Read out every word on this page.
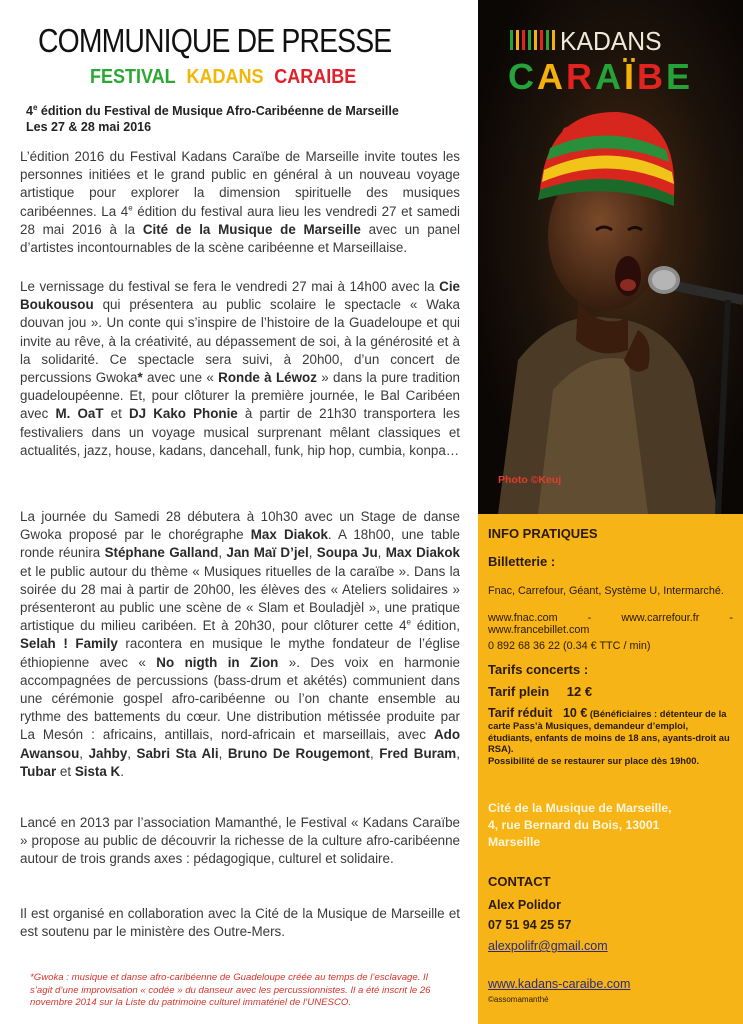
COMMUNIQUE DE PRESSE
FESTIVAL KADANS CARAIBE
4e édition du Festival de Musique Afro-Caribéenne de Marseille
Les 27 & 28 mai 2016
L’édition 2016 du Festival Kadans Caraïbe de Marseille invite toutes les personnes initiées et le grand public en général à un nouveau voyage artistique pour explorer la dimension spirituelle des musiques caribéennes. La 4e édition du festival aura lieu les vendredi 27 et samedi 28 mai 2016 à la Cité de la Musique de Marseille avec un panel d’artistes incontournables de la scène caribéenne et Marseillaise.
Le vernissage du festival se fera le vendredi 27 mai à 14h00 avec la Cie Boukousou qui présentera au public scolaire le spectacle « Waka douvan jou ». Un conte qui s’inspire de l’histoire de la Guadeloupe et qui invite au rêve, à la créativité, au dépassement de soi, à la générosité et à la solidarité. Ce spectacle sera suivi, à 20h00, d’un concert de percussions Gwoka* avec une « Ronde à Léwoz » dans la pure tradition guadeloupéenne. Et, pour clôturer la première journée, le Bal Caribéen avec M. OaT et DJ Kako Phonie à partir de 21h30 transportera les festivaliers dans un voyage musical surprenant mêlant classiques et actualités, jazz, house, kadans, dancehall, funk, hip hop, cumbia, konpa…
La journée du Samedi 28 débutera à 10h30 avec un Stage de danse Gwoka proposé par le chorégraphe Max Diakok. A 18h00, une table ronde réunira Stéphane Galland, Jan Maï D’jel, Soupa Ju, Max Diakok et le public autour du thème « Musiques rituelles de la caraïbe ». Dans la soirée du 28 mai à partir de 20h00, les élèves des « Ateliers solidaires » présenteront au public une scène de « Slam et Bouladjèl », une pratique artistique du milieu caribéen. Et à 20h30, pour clôturer cette 4e édition, Selah ! Family racontera en musique le mythe fondateur de l’église éthiopienne avec « No nigth in Zion ». Des voix en harmonie accompagnées de percussions (bass-drum et akétés) communient dans une cérémonie gospel afro-caribéenne ou l’on chante ensemble au rythme des battements du cœur. Une distribution métissée produite par La Mesón : africains, antillais, nord-africain et marseillais, avec Ado Awansou, Jahby, Sabri Sta Ali, Bruno De Rougemont, Fred Buram, Tubar et Sista K.
Lancé en 2013 par l’association Mamanthé, le Festival « Kadans Caraïbe » propose au public de découvrir la richesse de la culture afro-caribéenne autour de trois grands axes : pédagogique, culturel et solidaire.
Il est organisé en collaboration avec la Cité de la Musique de Marseille et est soutenu par le ministère des Outre-Mers.
*Gwoka : musique et danse afro-caribéenne de Guadeloupe créée au temps de l’esclavage. Il s’agit d’une improvisation « codée » du danseur avec les percussionnistes. Il a été inscrit le 26 novembre 2014 sur la Liste du patrimoine culturel immatériel de l’UNESCO.
KADANS
CARAÏBE
Photo ©Keuj
INFO PRATIQUES
Billetterie :
Fnac, Carrefour, Géant, Système U, Intermarché.
www.fnac.com - www.carrefour.fr - www.francebillet.com
0 892 68 36 22 (0.34 € TTC / min)
Tarifs concerts :
Tarif plein 12 €
Tarif réduit 10 € (Bénéficiaires : détenteur de la carte Pass’à Musiques, demandeur d’emploi, étudiants, enfants de moins de 18 ans, ayants-droit au RSA).
Possibilité de se restaurer sur place dès 19h00.
Cité de la Musique de Marseille,
4, rue Bernard du Bois, 13001
Marseille
CONTACT
Alex Polidor
07 51 94 25 57
alexpolifr@gmail.com
www.kadans-caraibe.com
©assomamanthé
